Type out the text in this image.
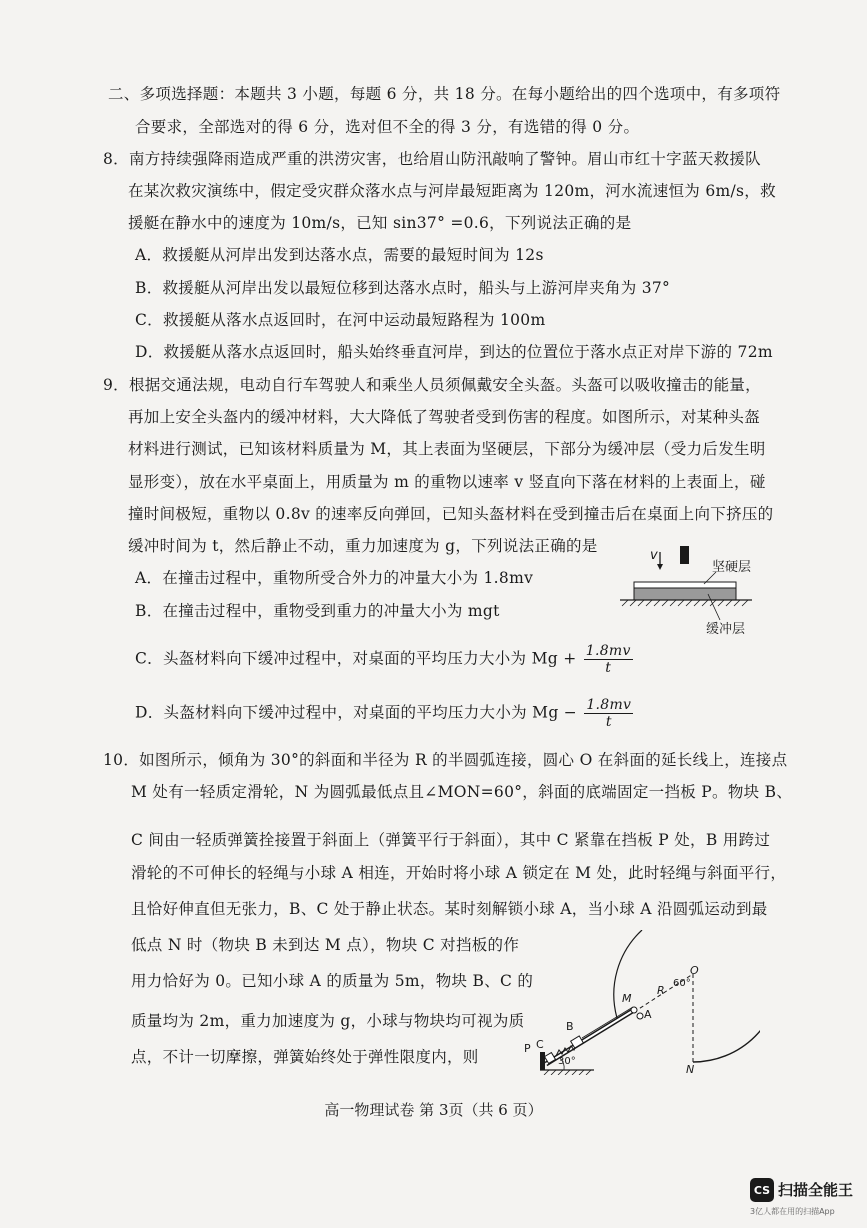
二、多项选择题：本题共 3 小题，每题 6 分，共 18 分。在每小题给出的四个选项中，有多项符
合要求，全部选对的得 6 分，选对但不全的得 3 分，有选错的得 0 分。
8．南方持续强降雨造成严重的洪涝灾害，也给眉山防汛敲响了警钟。眉山市红十字蓝天救援队
在某次救灾演练中，假定受灾群众落水点与河岸最短距离为 120m，河水流速恒为 6m/s，救
援艇在静水中的速度为 10m/s，已知 sin37° =0.6，下列说法正确的是
A．救援艇从河岸出发到达落水点，需要的最短时间为 12s
B．救援艇从河岸出发以最短位移到达落水点时，船头与上游河岸夹角为 37°
C．救援艇从落水点返回时，在河中运动最短路程为 100m
D．救援艇从落水点返回时，船头始终垂直河岸，到达的位置位于落水点正对岸下游的 72m
9．根据交通法规，电动自行车驾驶人和乘坐人员须佩戴安全头盔。头盔可以吸收撞击的能量，
再加上安全头盔内的缓冲材料，大大降低了驾驶者受到伤害的程度。如图所示，对某种头盔
材料进行测试，已知该材料质量为 M，其上表面为坚硬层，下部分为缓冲层（受力后发生明
显形变），放在水平桌面上，用质量为 m 的重物以速率 v 竖直向下落在材料的上表面上，碰
撞时间极短，重物以 0.8v 的速率反向弹回，已知头盔材料在受到撞击后在桌面上向下挤压的
缓冲时间为 t，然后静止不动，重力加速度为 g，下列说法正确的是
A．在撞击过程中，重物所受合外力的冲量大小为 1.8mv
B．在撞击过程中，重物受到重力的冲量大小为 mgt
C．头盔材料向下缓冲过程中，对桌面的平均压力大小为 $Mg + \frac{1.8mv}{t}$
D．头盔材料向下缓冲过程中，对桌面的平均压力大小为 $Mg - \frac{1.8mv}{t}$
v
坚硬层
缓冲层
10．如图所示，倾角为 30°的斜面和半径为 R 的半圆弧连接，圆心 O 在斜面的延长线上，连接点
M 处有一轻质定滑轮，N 为圆弧最低点且∠MON=60°，斜面的底端固定一挡板 P。物块 B、
C 间由一轻质弹簧拴接置于斜面上（弹簧平行于斜面），其中 C 紧靠在挡板 P 处，B 用跨过
滑轮的不可伸长的轻绳与小球 A 相连，开始时将小球 A 锁定在 M 处，此时轻绳与斜面平行，
且恰好伸直但无张力，B、C 处于静止状态。某时刻解锁小球 A，当小球 A 沿圆弧运动到最
低点 N 时（物块 B 未到达 M 点），物块 C 对挡板的作
用力恰好为 0。已知小球 A 的质量为 5m，物块 B、C 的
质量均为 2m，重力加速度为 g，小球与物块均可视为质
点，不计一切摩擦，弹簧始终处于弹性限度内，则	P C
B
M
A
R
O
60°
N
30°
高一物理试卷 第 3页（共 6 页）
CS 扫描全能王
3亿人都在用的扫描App
